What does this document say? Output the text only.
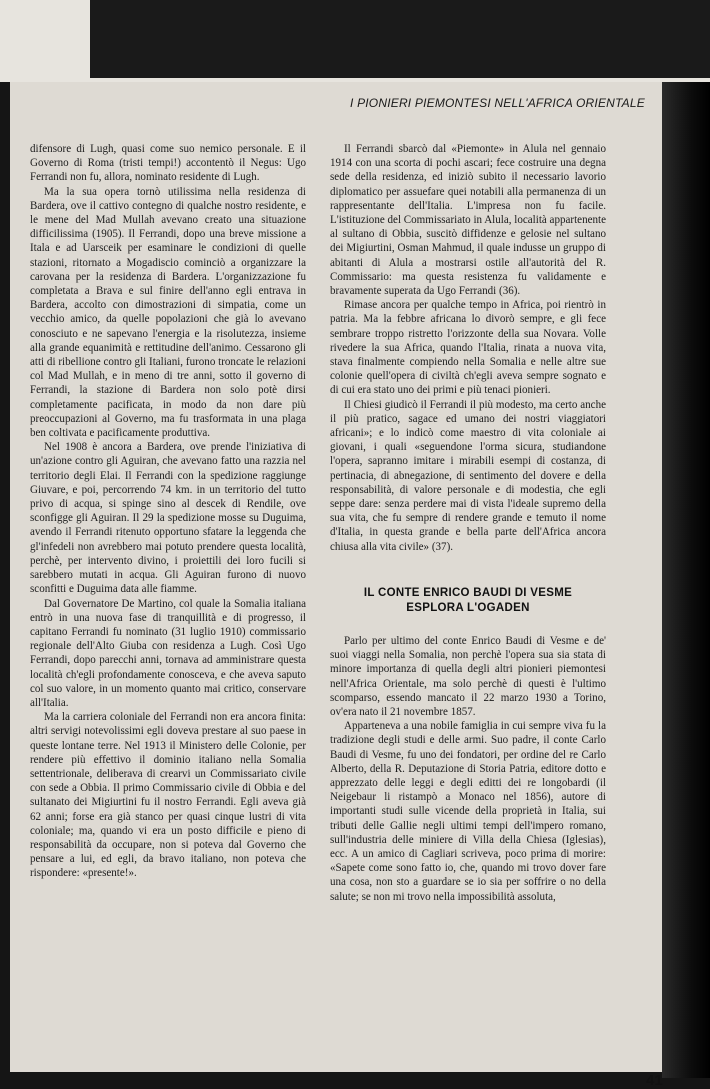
I PIONIERI PIEMONTESI NELL'AFRICA ORIENTALE

difensore di Lugh, quasi come suo nemico personale. E il Governo di Roma (tristi tempi!) accontentò il Negus: Ugo Ferrandi non fu, allora, nominato residente di Lugh.

Ma la sua opera tornò utilissima nella residenza di Bardera, ove il cattivo contegno di qualche nostro residente, e le mene del Mad Mullah avevano creato una situazione difficilissima (1905). Il Ferrandi, dopo una breve missione a Itala e ad Uarsceik per esaminare le condizioni di quelle stazioni, ritornato a Mogadiscio cominciò a organizzare la carovana per la residenza di Bardera. L'organizzazione fu completata a Brava e sul finire dell'anno egli entrava in Bardera, accolto con dimostrazioni di simpatia, come un vecchio amico, da quelle popolazioni che già lo avevano conosciuto e ne sapevano l'energia e la risolutezza, insieme alla grande equanimità e rettitudine dell'animo. Cessarono gli atti di ribellione contro gli Italiani, furono troncate le relazioni col Mad Mullah, e in meno di tre anni, sotto il governo di Ferrandi, la stazione di Bardera non solo potè dirsi completamente pacificata, in modo da non dare più preoccupazioni al Governo, ma fu trasformata in una plaga ben coltivata e pacificamente produttiva.

Nel 1908 è ancora a Bardera, ove prende l'iniziativa di un'azione contro gli Aguiran, che avevano fatto una razzia nel territorio degli Elai. Il Ferrandi con la spedizione raggiunge Giuvare, e poi, percorrendo 74 km. in un territorio del tutto privo di acqua, si spinge sino al descek di Rendile, ove sconfigge gli Aguiran. Il 29 la spedizione mosse su Duguima, avendo il Ferrandi ritenuto opportuno sfatare la leggenda che gl'infedeli non avrebbero mai potuto prendere questa località, perchè, per intervento divino, i proiettili dei loro fucili si sarebbero mutati in acqua. Gli Aguiran furono di nuovo sconfitti e Duguima data alle fiamme.

Dal Governatore De Martino, col quale la Somalia italiana entrò in una nuova fase di tranquillità e di progresso, il capitano Ferrandi fu nominato (31 luglio 1910) commissario regionale dell'Alto Giuba con residenza a Lugh. Così Ugo Ferrandi, dopo parecchi anni, tornava ad amministrare questa località ch'egli profondamente conosceva, e che aveva saputo col suo valore, in un momento quanto mai critico, conservare all'Italia.

Ma la carriera coloniale del Ferrandi non era ancora finita: altri servigi notevolissimi egli doveva prestare al suo paese in queste lontane terre. Nel 1913 il Ministero delle Colonie, per rendere più effettivo il dominio italiano nella Somalia settentrionale, deliberava di crearvi un Commissariato civile con sede a Obbia. Il primo Commissario civile di Obbia e del sultanato dei Migiurtini fu il nostro Ferrandi. Egli aveva già 62 anni; forse era già stanco per quasi cinque lustri di vita coloniale; ma, quando vi era un posto difficile e pieno di responsabilità da occupare, non si poteva dal Governo che pensare a lui, ed egli, da bravo italiano, non poteva che rispondere: «presente!».

Il Ferrandi sbarcò dal «Piemonte» in Alula nel gennaio 1914 con una scorta di pochi ascari; fece costruire una degna sede della residenza, ed iniziò subito il necessario lavorio diplomatico per assuefare quei notabili alla permanenza di un rappresentante dell'Italia. L'impresa non fu facile. L'istituzione del Commissariato in Alula, località appartenente al sultano di Obbia, suscitò diffidenze e gelosie nel sultano dei Migiurtini, Osman Mahmud, il quale indusse un gruppo di abitanti di Alula a mostrarsi ostile all'autorità del R. Commissario: ma questa resistenza fu validamente e bravamente superata da Ugo Ferrandi (36).

Rimase ancora per qualche tempo in Africa, poi rientrò in patria. Ma la febbre africana lo divorò sempre, e gli fece sembrare troppo ristretto l'orizzonte della sua Novara. Volle rivedere la sua Africa, quando l'Italia, rinata a nuova vita, stava finalmente compiendo nella Somalia e nelle altre sue colonie quell'opera di civiltà ch'egli aveva sempre sognato e di cui era stato uno dei primi e più tenaci pionieri.

Il Chiesi giudicò il Ferrandi il più modesto, ma certo anche il più pratico, sagace ed umano dei nostri viaggiatori africani»; e lo indicò come maestro di vita coloniale ai giovani, i quali «seguendone l'orma sicura, studiandone l'opera, sapranno imitare i mirabili esempi di costanza, di pertinacia, di abnegazione, di sentimento del dovere e della responsabilità, di valore personale e di modestia, che egli seppe dare: senza perdere mai di vista l'ideale supremo della sua vita, che fu sempre di rendere grande e temuto il nome d'Italia, in questa grande e bella parte dell'Africa ancora chiusa alla vita civile» (37).

IL CONTE ENRICO BAUDI DI VESME
ESPLORA L'OGADEN

Parlo per ultimo del conte Enrico Baudi di Vesme e de' suoi viaggi nella Somalia, non perchè l'opera sua sia stata di minore importanza di quella degli altri pionieri piemontesi nell'Africa Orientale, ma solo perchè di questi è l'ultimo scomparso, essendo mancato il 22 marzo 1930 a Torino, ov'era nato il 21 novembre 1857.

Apparteneva a una nobile famiglia in cui sempre viva fu la tradizione degli studi e delle armi. Suo padre, il conte Carlo Baudi di Vesme, fu uno dei fondatori, per ordine del re Carlo Alberto, della R. Deputazione di Storia Patria, editore dotto e apprezzato delle leggi e degli editti dei re longobardi (il Neigebaur li ristampò a Monaco nel 1856), autore di importanti studi sulle vicende della proprietà in Italia, sui tributi delle Gallie negli ultimi tempi dell'impero romano, sull'industria delle miniere di Villa della Chiesa (Iglesias), ecc. A un amico di Cagliari scriveva, poco prima di morire: «Sapete come sono fatto io, che, quando mi trovo dover fare una cosa, non sto a guardare se io sia per soffrire o no della salute; se non mi trovo nella impossibilità assoluta,

41
